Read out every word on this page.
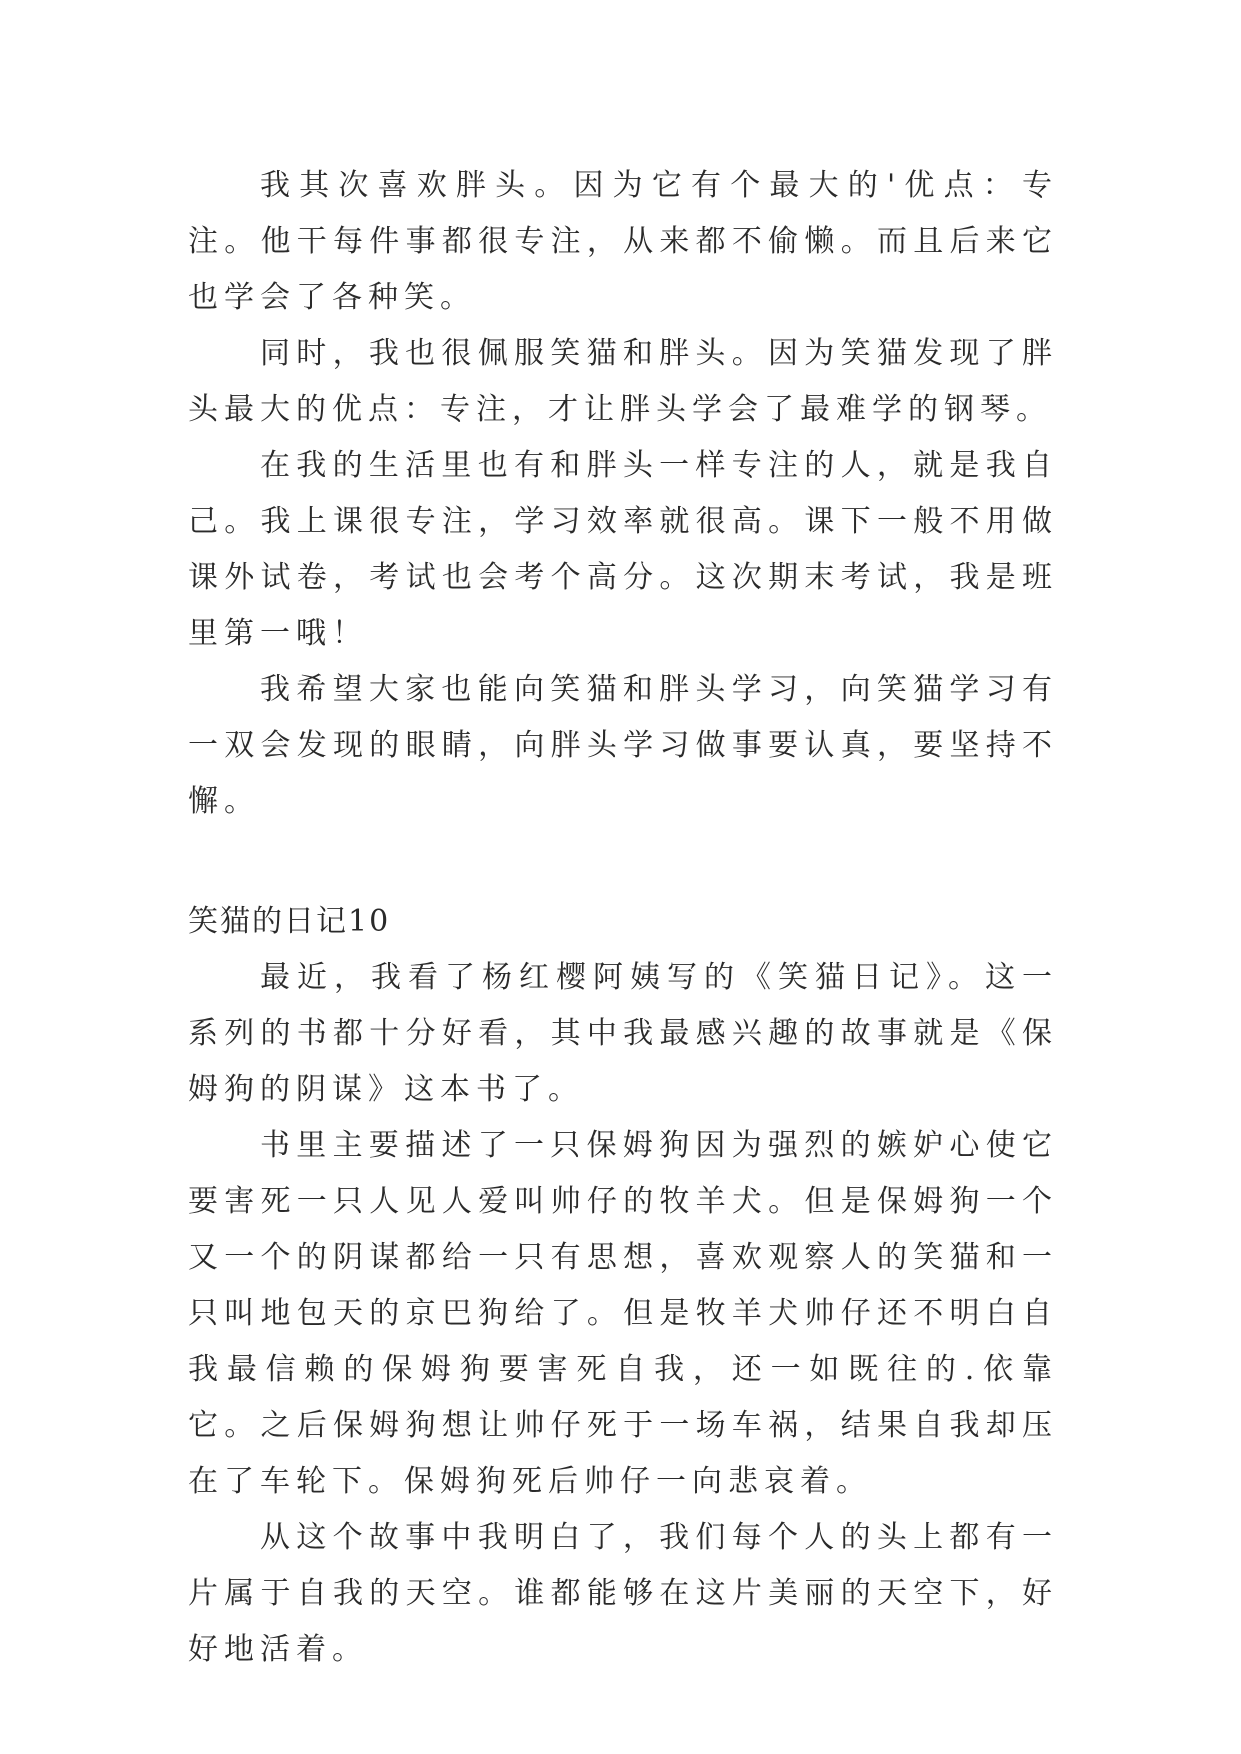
我其次喜欢胖头。因为它有个最大的'优点：专注。他干每件事都很专注，从来都不偷懒。而且后来它也学会了各种笑。

同时，我也很佩服笑猫和胖头。因为笑猫发现了胖头最大的优点：专注，才让胖头学会了最难学的钢琴。

在我的生活里也有和胖头一样专注的人，就是我自己。我上课很专注，学习效率就很高。课下一般不用做课外试卷，考试也会考个高分。这次期末考试，我是班里第一哦！

我希望大家也能向笑猫和胖头学习，向笑猫学习有一双会发现的眼睛，向胖头学习做事要认真，要坚持不懈。

笑猫的日记10

最近，我看了杨红樱阿姨写的《笑猫日记》。这一系列的书都十分好看，其中我最感兴趣的故事就是《保姆狗的阴谋》这本书了。

书里主要描述了一只保姆狗因为强烈的嫉妒心使它要害死一只人见人爱叫帅仔的牧羊犬。但是保姆狗一个又一个的阴谋都给一只有思想，喜欢观察人的笑猫和一只叫地包天的京巴狗给了。但是牧羊犬帅仔还不明白自我最信赖的保姆狗要害死自我，还一如既往的.依靠它。之后保姆狗想让帅仔死于一场车祸，结果自我却压在了车轮下。保姆狗死后帅仔一向悲哀着。

从这个故事中我明白了，我们每个人的头上都有一片属于自我的天空。谁都能够在这片美丽的天空下，好好地活着。
